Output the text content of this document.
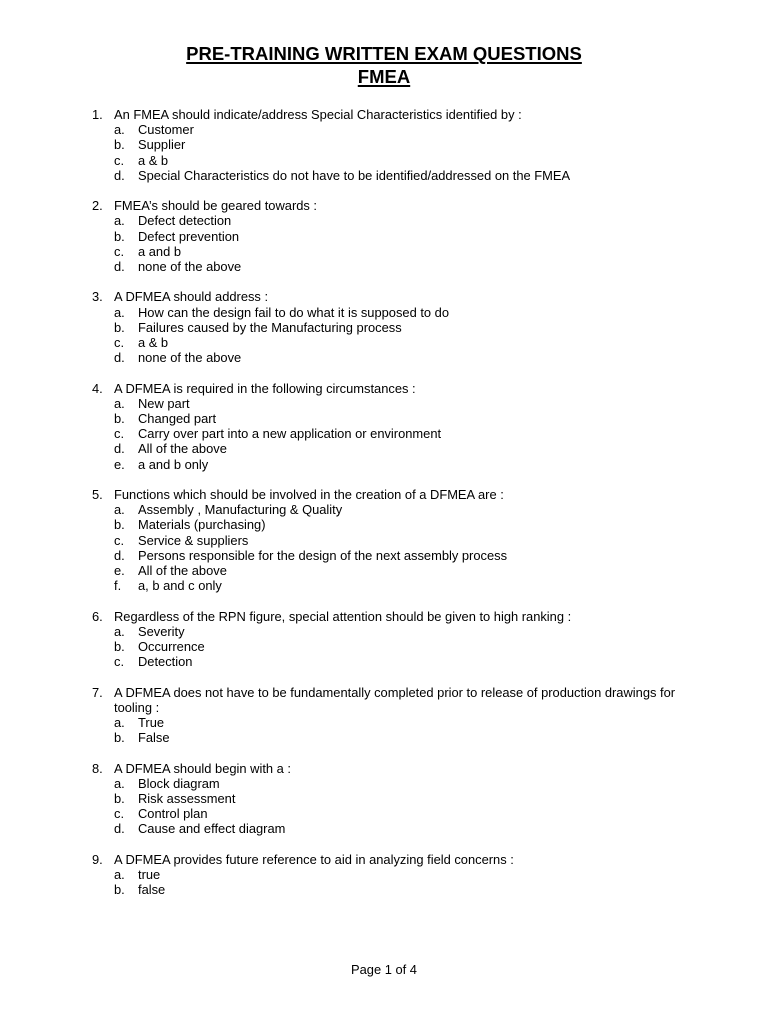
PRE-TRAINING WRITTEN EXAM QUESTIONS
FMEA
1. An FMEA should indicate/address Special Characteristics identified by :
a.	Customer
b.	Supplier
c.	a & b
d.	Special Characteristics do not have to be identified/addressed on the FMEA
2. FMEA’s should be geared towards :
a.	Defect detection
b.	Defect prevention
c.	a and b
d.	none of the above
3. A DFMEA should address :
a.	How can the design fail to do what it is supposed to do
b.	Failures caused by the Manufacturing process
c.	a & b
d.	none of the above
4. A DFMEA is required in the following circumstances :
a.	New part
b.	Changed part
c.	Carry over part into a new application or environment
d.	All of the above
e.	a and b only
5. Functions which should be involved in the creation of a DFMEA are :
a.	Assembly , Manufacturing & Quality
b.	Materials (purchasing)
c.	Service & suppliers
d.	Persons responsible for the design of the next assembly process
e.	All of the above
f.	a, b and c only
6. Regardless of the RPN figure, special attention should be given to high ranking :
a.	Severity
b.	Occurrence
c.	Detection
7. A DFMEA does not have to be fundamentally completed prior to release of production drawings for tooling :
a.	True
b.	False
8. A DFMEA should begin with a :
a.	Block diagram
b.	Risk assessment
c.	Control plan
d.	Cause and effect diagram
9. A DFMEA provides future reference to aid in analyzing field concerns :
a.	true
b.	false
Page 1 of 4
